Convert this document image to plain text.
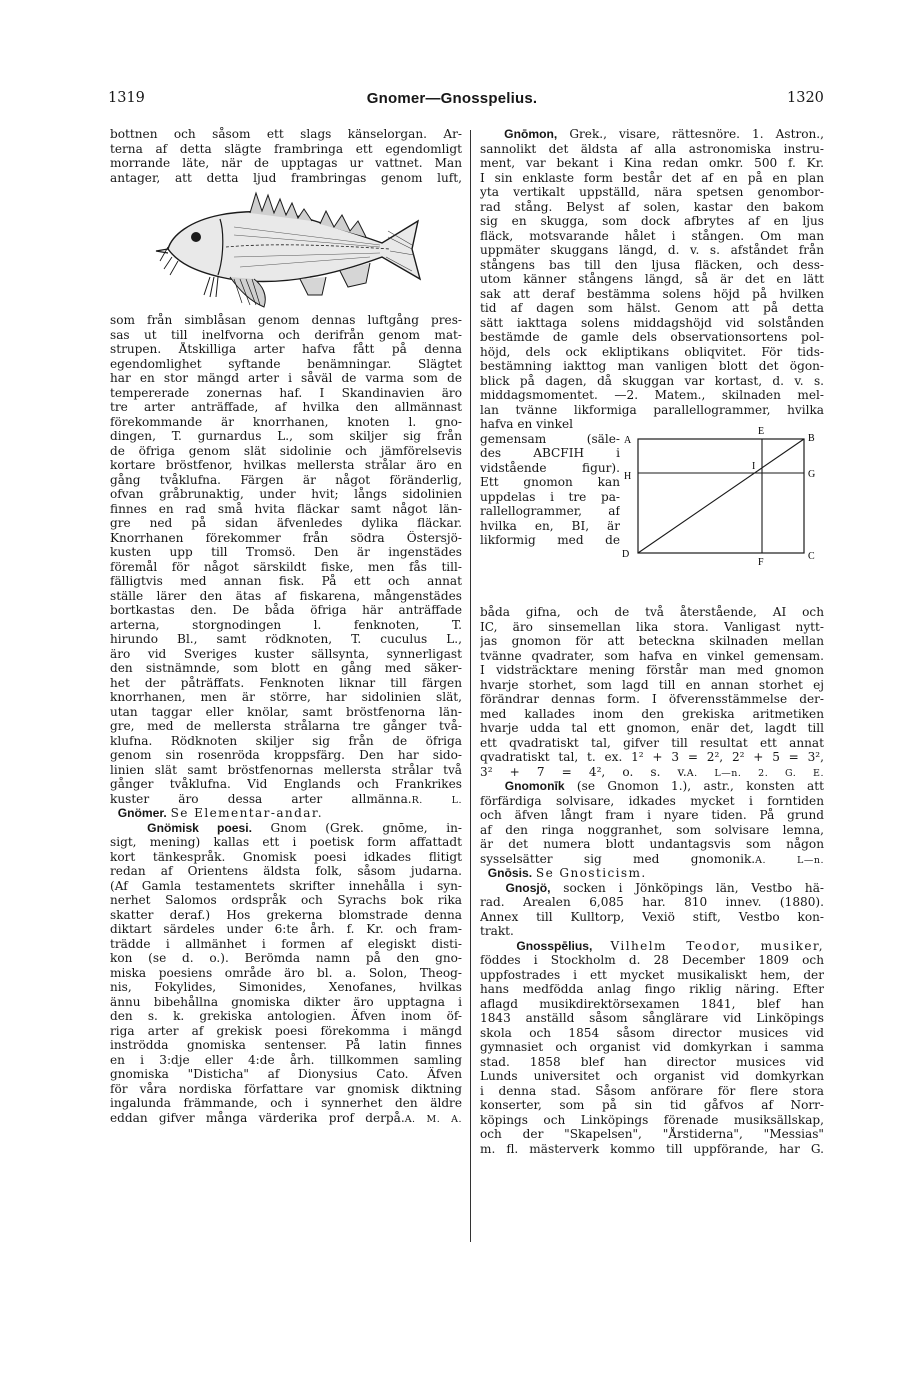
1319	Gnomer—Gnosspelius.	1320
bottnen och såsom ett slags känselorgan. Ar-
terna af detta slägte frambringa ett egendomligt
morrande läte, när de upptagas ur vattnet. Man
antager, att detta ljud frambringas genom luft,
som från simblåsan genom dennas luftgång pres-
sas ut till inelfvorna och derifrån genom mat-
strupen. Åtskilliga arter hafva fått på denna
egendomlighet syftande benämningar. Slägtet
har en stor mängd arter i såväl de varma som de
tempererade zonernas haf. I Skandinavien äro
tre arter anträffade, af hvilka den allmännast
förekommande är knorrhanen, knoten l. gno-
dingen, T. gurnardus L., som skiljer sig från
de öfriga genom slät sidolinie och jämförelsevis
kortare bröstfenor, hvilkas mellersta strålar äro en
gång tvåklufna. Färgen är något föränderlig,
ofvan gråbrunaktig, under hvit; långs sidolinien
finnes en rad små hvita fläckar samt något län-
gre ned på sidan äfvenledes dylika fläckar.
Knorrhanen förekommer från södra Östersjö-
kusten upp till Tromsö. Den är ingenstädes
föremål för något särskildt fiske, men fås till-
fälligtvis med annan fisk. På ett och annat
ställe lärer den ätas af fiskarena, mångenstädes
bortkastas den. De båda öfriga här anträffade
arterna, storgnodingen l. fenknoten, T.
hirundo Bl., samt rödknoten, T. cuculus L.,
äro vid Sveriges kuster sällsynta, synnerligast
den sistnämnde, som blott en gång med säker-
het der påträffats. Fenknoten liknar till färgen
knorrhanen, men är större, har sidolinien slät,
utan taggar eller knölar, samt bröstfenorna län-
gre, med de mellersta strålarna tre gånger två-
klufna. Rödknoten skiljer sig från de öfriga
genom sin rosenröda kroppsfärg. Den har sido-
linien slät samt bröstfenornas mellersta strålar två
gånger tvåklufna. Vid Englands och Frankrikes
kuster äro dessa arter allmänna.R. L.
Gnömer. Se Elementar-andar.
Gnömisk poesi. Gnom (Grek. gnōme, in-
sigt, mening) kallas ett i poetisk form affattadt
kort tänkespråk. Gnomisk poesi idkades flitigt
redan af Orientens äldsta folk, såsom judarna.
(Af Gamla testamentets skrifter innehålla i syn-
nerhet Salomos ordspråk och Syrachs bok rika
skatter deraf.) Hos grekerna blomstrade denna
diktart särdeles under 6:te årh. f. Kr. och fram-
trädde i allmänhet i formen af elegiskt disti-
kon (se d. o.). Berömda namn på den gno-
miska poesiens område äro bl. a. Solon, Theog-
nis, Fokylides, Simonides, Xenofanes, hvilkas
ännu bibehållna gnomiska dikter äro upptagna i
den s. k. grekiska antologien. Äfven inom öf-
riga arter af grekisk poesi förekomma i mängd
inströdda gnomiska sentenser. På latin finnes
en i 3:dje eller 4:de årh. tillkommen samling
gnomiska "Disticha" af Dionysius Cato. Äfven
för våra nordiska författare var gnomisk diktning
ingalunda främmande, och i synnerhet den äldre
eddan gifver många värderika prof derpå.A. M. A.
Gnōmon, Grek., visare, rättesnöre. 1. Astron.,
sannolikt det äldsta af alla astronomiska instru-
ment, var bekant i Kina redan omkr. 500 f. Kr.
I sin enklaste form består det af en på en plan
yta vertikalt uppställd, nära spetsen genombor-
rad stång. Belyst af solen, kastar den bakom
sig en skugga, som dock afbrytes af en ljus
fläck, motsvarande hålet i stången. Om man
uppmäter skuggans längd, d. v. s. afståndet från
stångens bas till den ljusa fläcken, och dess-
utom känner stångens längd, så är det en lätt
sak att deraf bestämma solens höjd på hvilken
tid af dagen som hälst. Genom att på detta
sätt iakttaga solens middagshöjd vid solstånden
bestämde de gamle dels observationsortens pol-
höjd, dels ock ekliptikans obliqvitet. För tids-
bestämning iakttog man vanligen blott det ögon-
blick på dagen, då skuggan var kortast, d. v. s.
middagsmomentet. —2. Matem., skilnaden mel-
lan tvänne likformiga parallellogrammer, hvilka
hafva en vinkel
gemensam (säle-
des ABCFIH i
vidstående figur).
Ett gnomon kan
uppdelas i tre pa-
rallellogrammer, af
hvilka en, BI, är
likformig med de
A	B
C
D
E
F
G
H
I
båda gifna, och de två återstående, AI och
IC, äro sinsemellan lika stora. Vanligast nytt-
jas gnomon för att beteckna skilnaden mellan
tvänne qvadrater, som hafva en vinkel gemensam.
I vidsträcktare mening förstår man med gnomon
hvarje storhet, som lagd till en annan storhet ej
förändrar dennas form. I öfverensstämmelse der-
med kallades inom den grekiska aritmetiken
hvarje udda tal ett gnomon, enär det, lagdt till
ett qvadratiskt tal, gifver till resultat ett annat
qvadratiskt tal, t. ex. 1² + 3 = 2², 2² + 5 = 3²,
3² + 7 = 4², o. s. v.A. L—n. 2. G. E.
Gnomonīk (se Gnomon 1.), astr., konsten att
förfärdiga solvisare, idkades mycket i forntiden
och äfven långt fram i nyare tiden. På grund
af den ringa noggranhet, som solvisare lemna,
är det numera blott undantagsvis som någon
sysselsätter sig med gnomonik.A. L—n.
Gnōsis. Se Gnosticism.
Gnosjö, socken i Jönköpings län, Vestbo hä-
rad. Arealen 6,085 har. 810 innev. (1880).
Annex till Kulltorp, Vexiö stift, Vestbo kon-
trakt.
Gnosspēlius, Vilhelm Teodor, musiker,
föddes i Stockholm d. 28 December 1809 och
uppfostrades i ett mycket musikaliskt hem, der
hans medfödda anlag fingo riklig näring. Efter
aflagd musikdirektörsexamen 1841, blef han
1843 anställd såsom sånglärare vid Linköpings
skola och 1854 såsom director musices vid
gymnasiet och organist vid domkyrkan i samma
stad. 1858 blef han director musices vid
Lunds universitet och organist vid domkyrkan
i denna stad. Såsom anförare för flere stora
konserter, som på sin tid gåfvos af Norr-
köpings och Linköpings förenade musiksällskap,
och der "Skapelsen", "Årstiderna", "Messias"
m. fl. mästerverk kommo till uppförande, har G.
